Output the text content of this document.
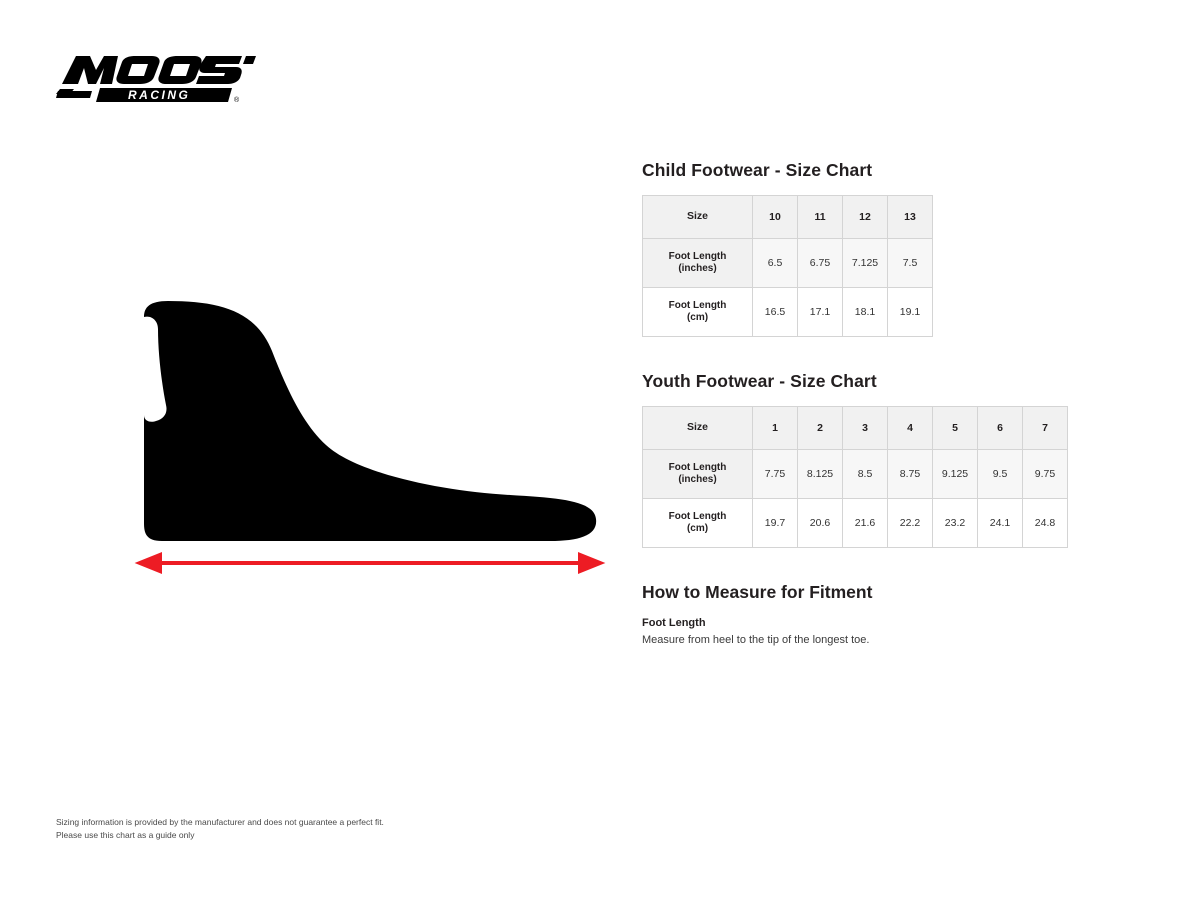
RACING	®
Child Footwear - Size Chart
Size	10	11	12	13
Foot Length
(inches)	6.5	6.75	7.125	7.5
Foot Length
(cm)	16.5	17.1	18.1	19.1
Youth Footwear - Size Chart
Size	1	2	3	4	5	6	7
Foot Length
(inches)	7.75	8.125	8.5	8.75	9.125	9.5	9.75
Foot Length
(cm)	19.7	20.6	21.6	22.2	23.2	24.1	24.8
How to Measure for Fitment

Foot Length

Measure from heel to the tip of the longest toe.

Sizing information is provided by the manufacturer and does not guarantee a perfect fit.
Please use this chart as a guide only
